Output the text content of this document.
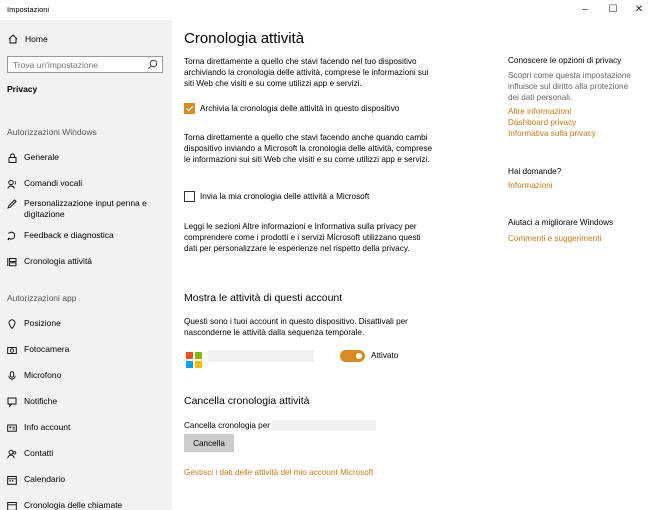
Impostazioni	– ☐ ✕
Home
Trova un'impostazione
Privacy
Autorizzazioni Windows
Generale
Comandi vocali
Personalizzazione input penna e digitazione
Feedback e diagnostica
Cronologia attività
Autorizzazioni app
Posizione
Fotocamera
Microfono
Notifiche
Info account
Contatti
Calendario
Cronologia delle chiamate
Cronologia attività
Torna direttamente a quello che stavi facendo nel tuo dispositivo archiviando la cronologia delle attività, comprese le informazioni sui siti Web che visiti e su come utilizzi app e servizi.
Archivia la cronologia delle attività in questo dispositivo
Torna direttamente a quello che stavi facendo anche quando cambi dispositivo inviando a Microsoft la cronologia delle attività, comprese le informazioni sui siti Web che visiti e su come utilizzi app e servizi.
Invia la mia cronologia delle attività a Microsoft
Leggi le sezioni Altre informazioni e Informativa sulla privacy per comprendere come i prodotti e i servizi Microsoft utilizzano questi dati per personalizzare le esperienze nel rispetto della privacy.
Mostra le attività di questi account
Questi sono i tuoi account in questo dispositivo. Disattivali per nasconderne le attività dalla sequenza temporale.
Attivato
Cancella cronologia attività
Cancella cronologia per
Cancella
Gestisci i dati delle attività del mio account Microsoft
Conoscere le opzioni di privacy
Scopri come questa impostazione influisce sul diritto alla protezione dei dati personali.
Altre informazioni
Dashboard privacy
Informativa sulla privacy
Hai domande?
Informazioni
Aiutaci a migliorare Windows
Commenti e suggerimenti
